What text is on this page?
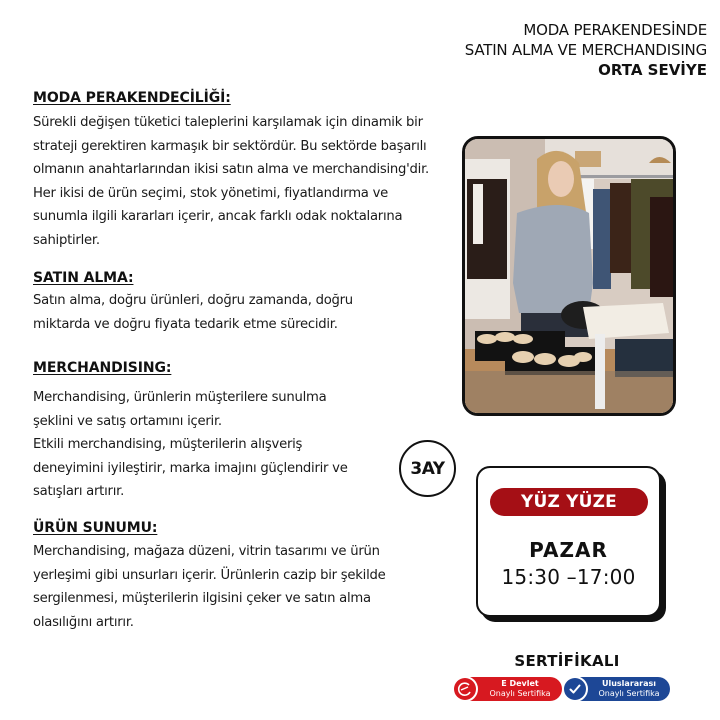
MODA PERAKENDESİNDE
SATIN ALMA VE MERCHANDISING
ORTA SEVİYE
MODA PERAKENDECİLİĞİ:

Sürekli değişen tüketici taleplerini karşılamak için dinamik bir
strateji gerektiren karmaşık bir sektördür. Bu sektörde başarılı
olmanın anahtarlarından ikisi satın alma ve merchandising'dir.
Her ikisi de ürün seçimi, stok yönetimi, fiyatlandırma ve
sunumla ilgili kararları içerir, ancak farklı odak noktalarına
sahiptirler.

SATIN ALMA:

Satın alma, doğru ürünleri, doğru zamanda, doğru
miktarda ve doğru fiyata tedarik etme sürecidir.

MERCHANDISING:

Merchandising, ürünlerin müşterilere sunulma
şeklini ve satış ortamını içerir.
Etkili merchandising, müşterilerin alışveriş
deneyimini iyileştirir, marka imajını güçlendirir ve
satışları artırır.

ÜRÜN SUNUMU:

Merchandising, mağaza düzeni, vitrin tasarımı ve ürün
yerleşimi gibi unsurları içerir. Ürünlerin cazip bir şekilde
sergilenmesi, müşterilerin ilgisini çeker ve satın alma
olasılığını artırır.

3AY
YÜZ YÜZE
PAZAR
15:30 –17:00
SERTİFİKALI
E Devlet
Onaylı Sertifika
Uluslararası
Onaylı Sertifika
